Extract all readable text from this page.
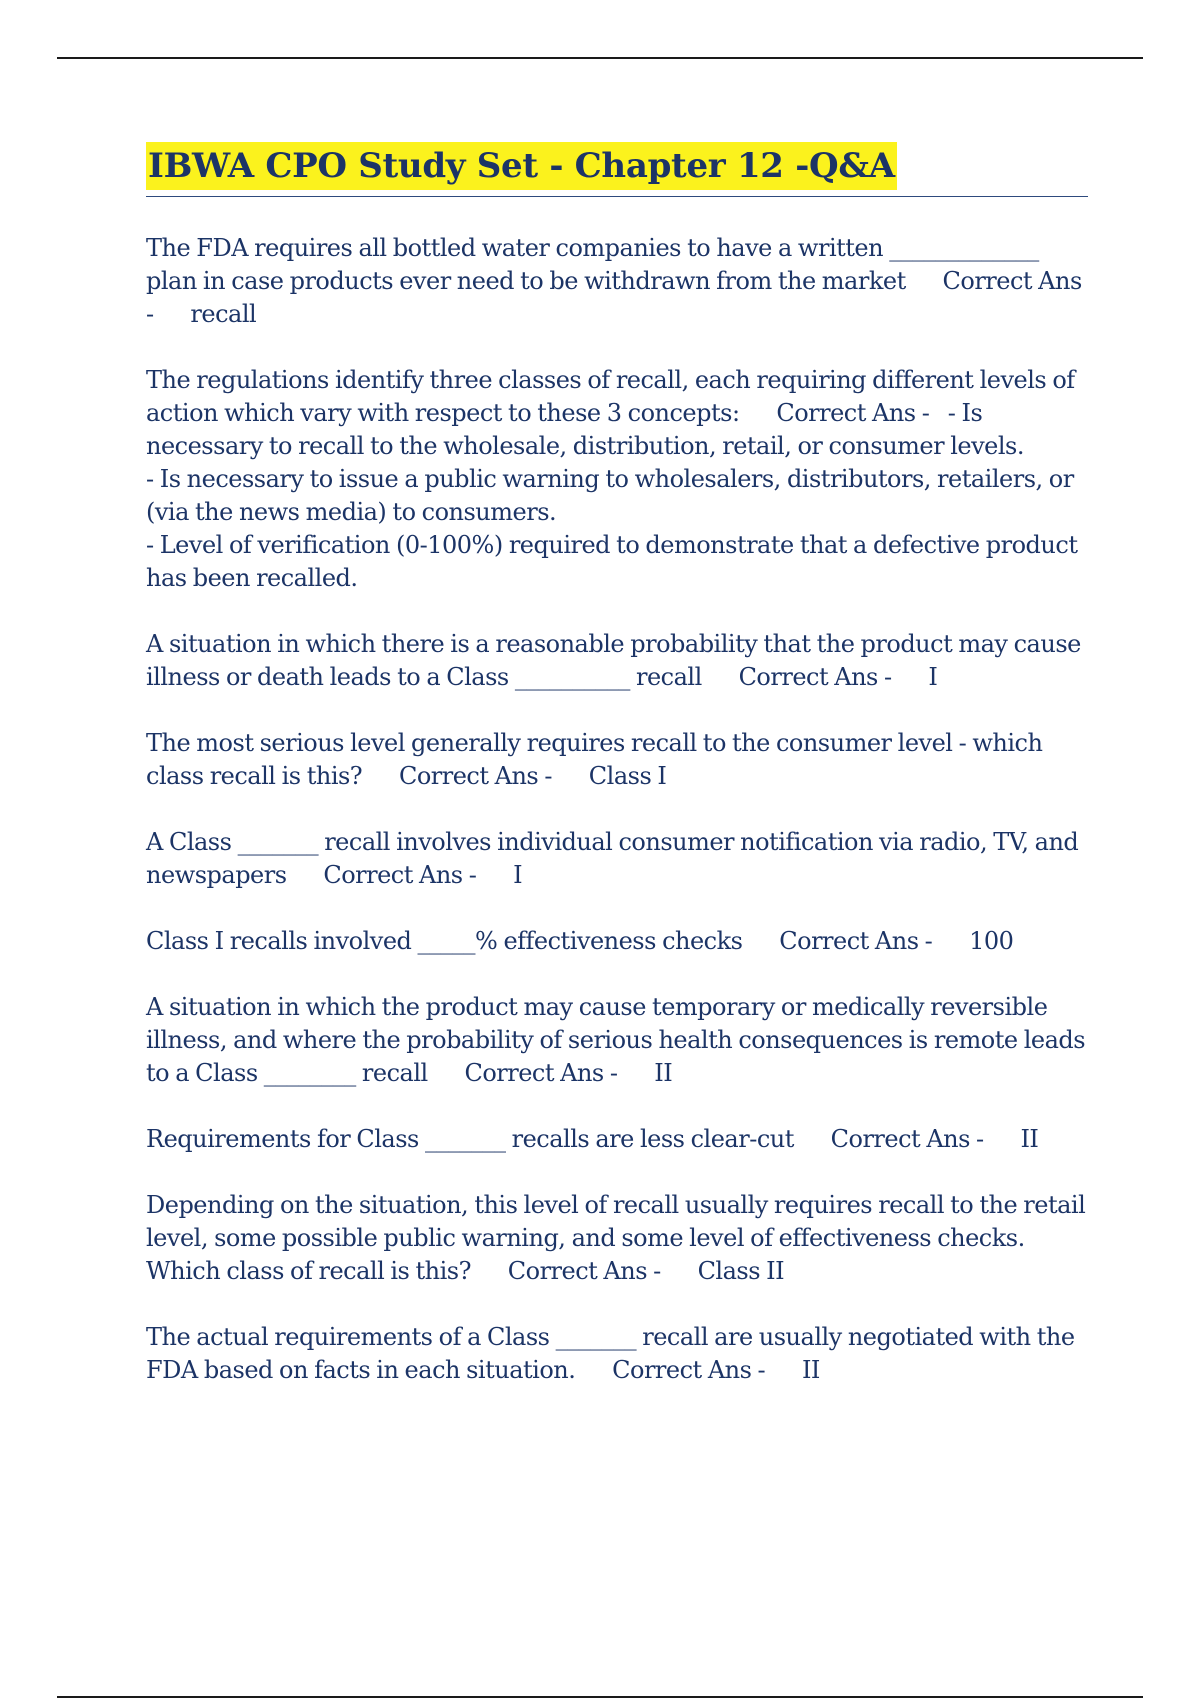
IBWA CPO Study Set - Chapter 12 -Q&A
The FDA requires all bottled water companies to have a written _____________ plan in case products ever need to be withdrawn from the market Correct Ans - recall
The regulations identify three classes of recall, each requiring different levels of action which vary with respect to these 3 concepts: Correct Ans - - Is necessary to recall to the wholesale, distribution, retail, or consumer levels.
- Is necessary to issue a public warning to wholesalers, distributors, retailers, or (via the news media) to consumers.
- Level of verification (0-100%) required to demonstrate that a defective product has been recalled.
A situation in which there is a reasonable probability that the product may cause illness or death leads to a Class __________ recall Correct Ans - I
The most serious level generally requires recall to the consumer level - which class recall is this? Correct Ans - Class I
A Class _______ recall involves individual consumer notification via radio, TV, and newspapers Correct Ans - I
Class I recalls involved _____% effectiveness checks Correct Ans - 100
A situation in which the product may cause temporary or medically reversible illness, and where the probability of serious health consequences is remote leads to a Class ________ recall Correct Ans - II
Requirements for Class _______ recalls are less clear-cut Correct Ans - II
Depending on the situation, this level of recall usually requires recall to the retail level, some possible public warning, and some level of effectiveness checks. Which class of recall is this? Correct Ans - Class II
The actual requirements of a Class _______ recall are usually negotiated with the FDA based on facts in each situation. Correct Ans - II
